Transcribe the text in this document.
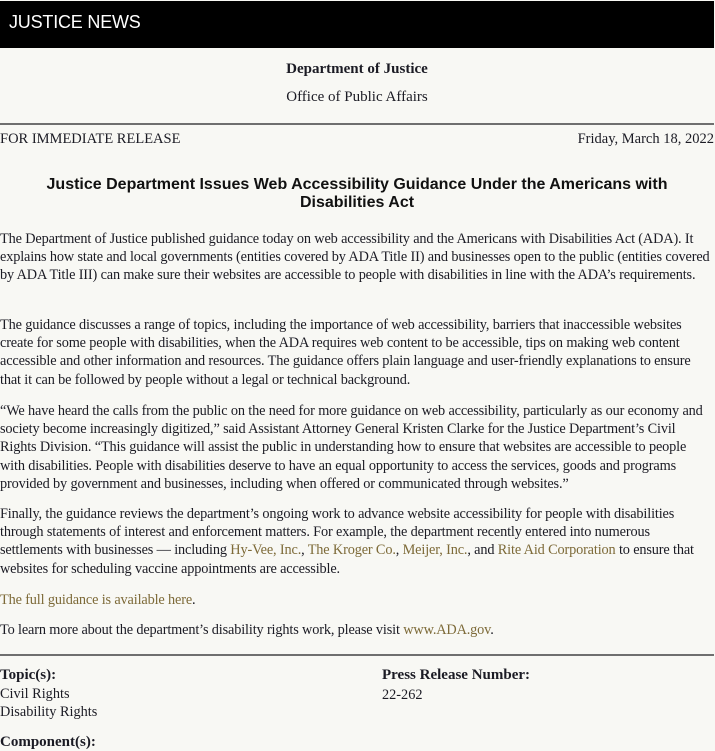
JUSTICE NEWS
Department of Justice
Office of Public Affairs
FOR IMMEDIATE RELEASE	Friday, March 18, 2022
Justice Department Issues Web Accessibility Guidance Under the Americans with Disabilities Act

The Department of Justice published guidance today on web accessibility and the Americans with Disabilities Act (ADA). It explains how state and local governments (entities covered by ADA Title II) and businesses open to the public (entities covered by ADA Title III) can make sure their websites are accessible to people with disabilities in line with the ADA’s requirements.

The guidance discusses a range of topics, including the importance of web accessibility, barriers that inaccessible websites create for some people with disabilities, when the ADA requires web content to be accessible, tips on making web content accessible and other information and resources. The guidance offers plain language and user-friendly explanations to ensure that it can be followed by people without a legal or technical background.

“We have heard the calls from the public on the need for more guidance on web accessibility, particularly as our economy and society become increasingly digitized,” said Assistant Attorney General Kristen Clarke for the Justice Department’s Civil Rights Division. “This guidance will assist the public in understanding how to ensure that websites are accessible to people with disabilities. People with disabilities deserve to have an equal opportunity to access the services, goods and programs provided by government and businesses, including when offered or communicated through websites.”

Finally, the guidance reviews the department’s ongoing work to advance website accessibility for people with disabilities through statements of interest and enforcement matters. For example, the department recently entered into numerous settlements with businesses — including Hy-Vee, Inc., The Kroger Co., Meijer, Inc., and Rite Aid Corporation to ensure that websites for scheduling vaccine appointments are accessible.

The full guidance is available here.

To learn more about the department’s disability rights work, please visit www.ADA.gov.

Topic(s):
Civil Rights
Disability Rights
Press Release Number:
22-262
Component(s):
